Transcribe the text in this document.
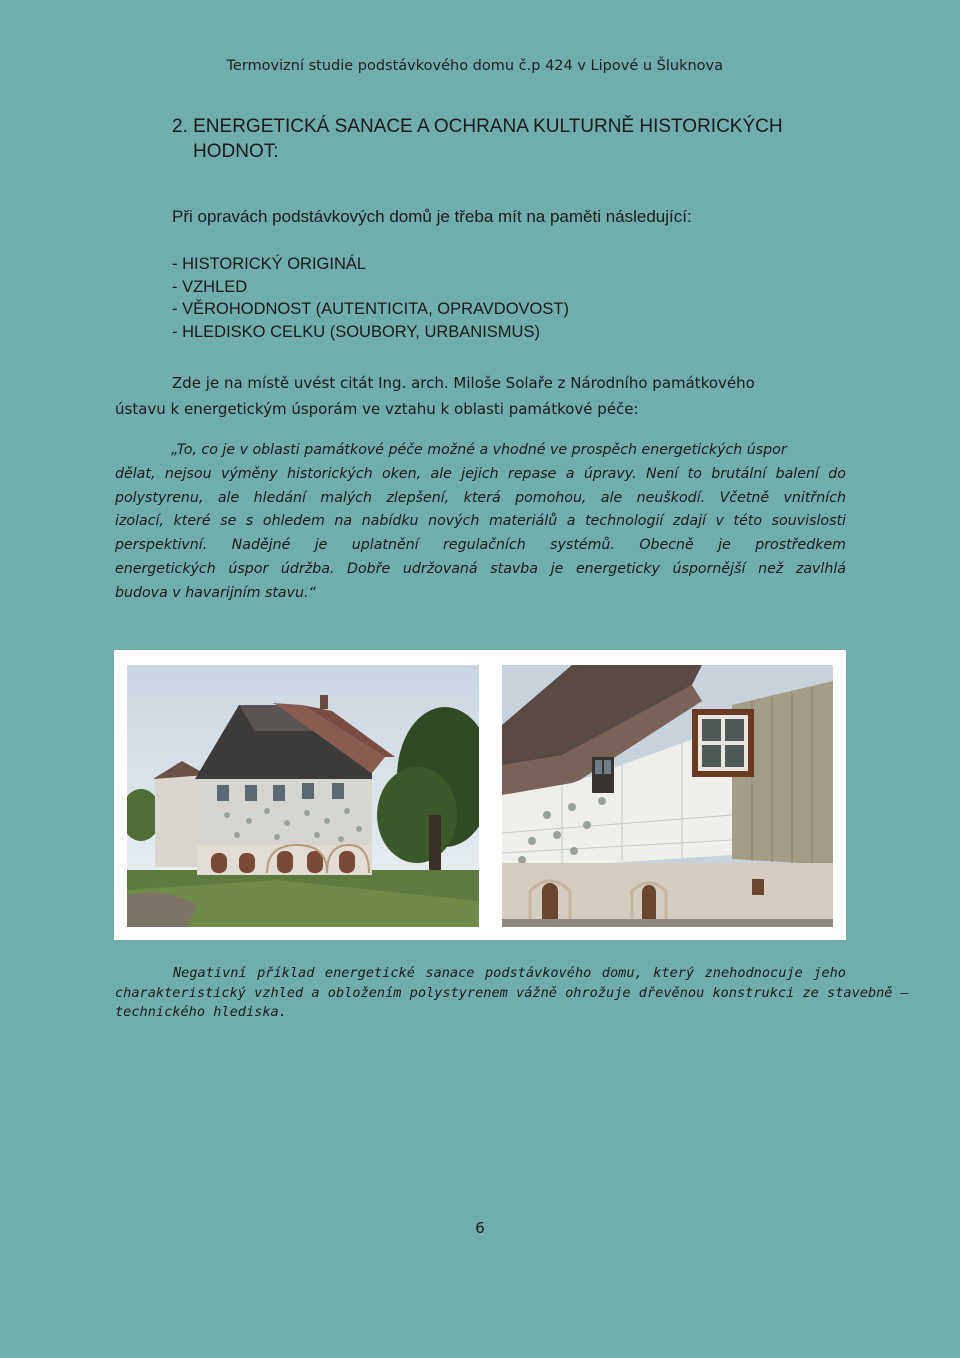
Termovizní studie podstávkového domu č.p 424 v Lipové u Šluknova
2. ENERGETICKÁ SANACE A OCHRANA KULTURNĚ HISTORICKÝCH
HODNOT:
Při opravách podstávkových domů je třeba mít na paměti následující:
- HISTORICKÝ ORIGINÁL
- VZHLED
- VĚROHODNOST (AUTENTICITA, OPRAVDOVOST)
- HLEDISKO CELKU (SOUBORY, URBANISMUS)
Zde je na místě uvést citát Ing. arch. Miloše Solaře z Národního památkového
ústavu k energetickým úsporám ve vztahu k oblasti památkové péče:
„To, co je v oblasti památkové péče možné a vhodné ve prospěch energetických úspor
dělat, nejsou výměny historických oken, ale jejich repase a úpravy. Není to brutální balení do
polystyrenu, ale hledání malých zlepšení, která pomohou, ale neuškodí. Včetně vnitřních
izolací, které se s ohledem na nabídku nových materiálů a technologií zdají v této souvislosti
perspektivní. Nadějné je uplatnění regulačních systémů. Obecně je prostředkem
energetických úspor údržba. Dobře udržovaná stavba je energeticky úspornější než zavlhlá
budova v havarijním stavu.“
Negativní příklad energetické sanace podstávkového domu, který znehodnocuje jeho
charakteristický vzhled a obložením polystyrenem vážně ohrožuje dřevěnou konstrukci ze stavebně –
technického hlediska.
6
